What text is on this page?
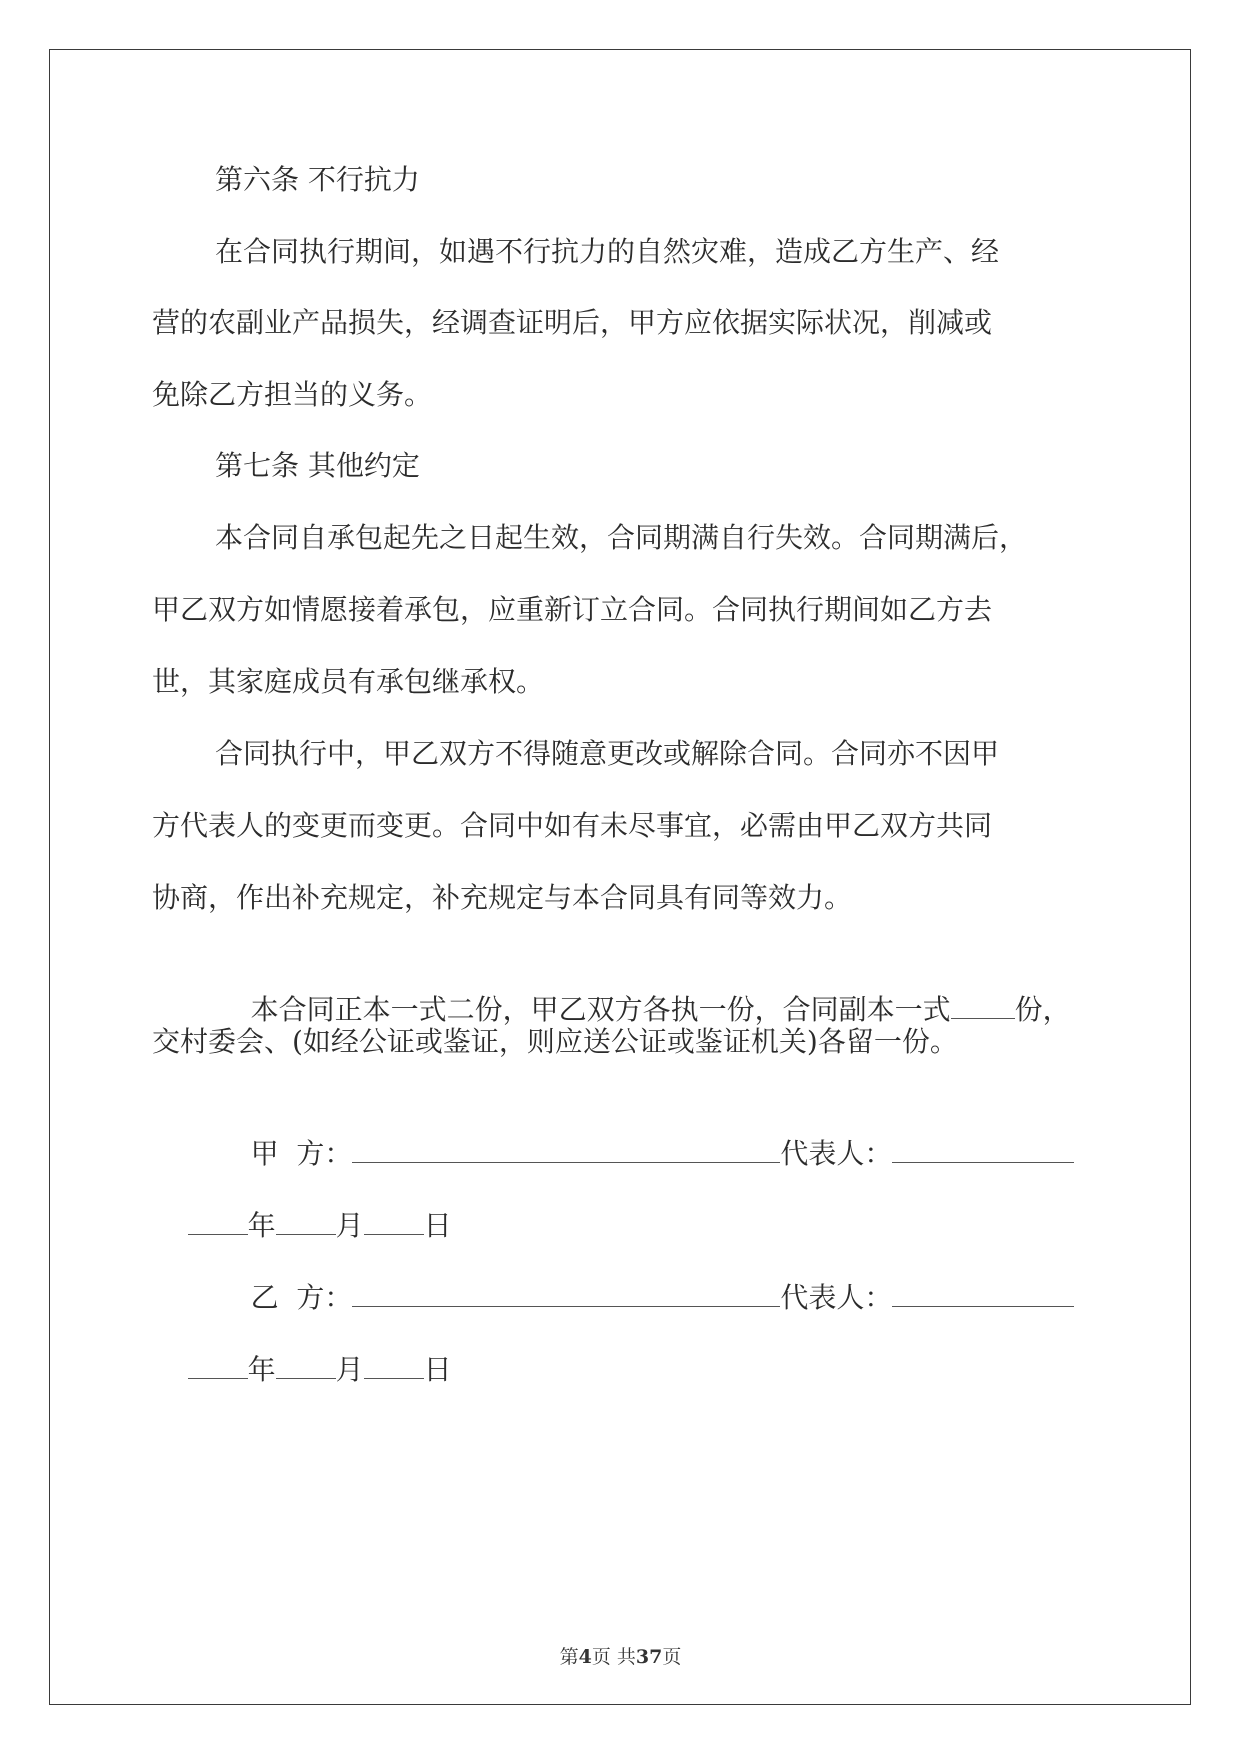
第六条 不行抗力
在合同执行期间，如遇不行抗力的自然灾难，造成乙方生产、经
营的农副业产品损失，经调查证明后，甲方应依据实际状况，削减或
免除乙方担当的义务。
第七条 其他约定
本合同自承包起先之日起生效，合同期满自行失效。合同期满后，
甲乙双方如情愿接着承包，应重新订立合同。合同执行期间如乙方去
世，其家庭成员有承包继承权。
合同执行中，甲乙双方不得随意更改或解除合同。合同亦不因甲
方代表人的变更而变更。合同中如有未尽事宜，必需由甲乙双方共同
协商，作出补充规定，补充规定与本合同具有同等效力。

本合同正本一式二份，甲乙双方各执一份，合同副本一式 份，

交村委会、(如经公证或鉴证，则应送公证或鉴证机关)各留一份。

甲  方：	代表人：

年 月 日

乙  方：	代表人：

年 月 日

第4页 共37页
